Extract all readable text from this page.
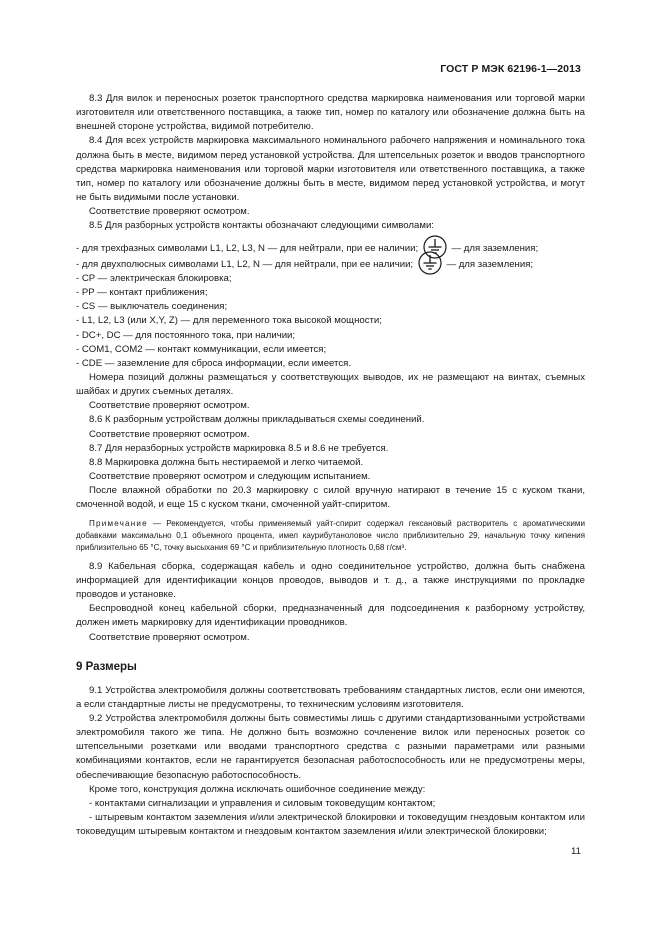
ГОСТ Р МЭК 62196-1—2013

8.3 Для вилок и переносных розеток транспортного средства маркировка наименования или торговой марки изготовителя или ответственного поставщика, а также тип, номер по каталогу или обозначение должна быть на внешней стороне устройства, видимой потребителю.

8.4 Для всех устройств маркировка максимального номинального рабочего напряжения и номинального тока должна быть в месте, видимом перед установкой устройства. Для штепсельных розеток и вводов транспортного средства маркировка наименования или торговой марки изготовителя или ответственного поставщика, а также тип, номер по каталогу или обозначение должны быть в месте, видимом перед установкой устройства, и могут не быть видимыми после установки.

Соответствие проверяют осмотром.

8.5 Для разборных устройств контакты обозначают следующими символами:

- для трехфазных символами L1, L2, L3, N — для нейтрали, при ее наличии;	— для заземления;

- для двухполюсных символами L1, L2, N — для нейтрали, при ее наличии;	— для заземления;

- CP — электрическая блокировка;

- PP — контакт приближения;

- CS — выключатель соединения;

- L1, L2, L3 (или X,Y, Z) — для переменного тока высокой мощности;

- DC+, DC — для постоянного тока, при наличии;

- COM1, COM2 — контакт коммуникации, если имеется;

- CDE — заземление для сброса информации, если имеется.

Номера позиций должны размещаться у соответствующих выводов, их не размещают на винтах, съемных шайбах и других съемных деталях.

Соответствие проверяют осмотром.

8.6 К разборным устройствам должны прикладываться схемы соединений.

Соответствие проверяют осмотром.

8.7 Для неразборных устройств маркировка 8.5 и 8.6 не требуется.

8.8 Маркировка должна быть нестираемой и легко читаемой.

Соответствие проверяют осмотром и следующим испытанием.

После влажной обработки по 20.3 маркировку с силой вручную натирают в течение 15 с куском ткани, смоченной водой, и еще 15 с куском ткани, смоченной уайт-спиритом.

Примечание — Рекомендуется, чтобы применяемый уайт-спирит содержал гексановый растворитель с ароматическими добавками максимально 0,1 объемного процента, имел каурибутаноловое число приблизительно 29, начальную точку кипения приблизительно 65 °С, точку высыхания 69 °С и приблизительную плотность 0,68 г/см³.

8.9 Кабельная сборка, содержащая кабель и одно соединительное устройство, должна быть снабжена информацией для идентификации концов проводов, выводов и т. д., а также инструкциями по прокладке проводов и установке.

Беспроводной конец кабельной сборки, предназначенный для подсоединения к разборному устройству, должен иметь маркировку для идентификации проводников.

Соответствие проверяют осмотром.

9 Размеры

9.1 Устройства электромобиля должны соответствовать требованиям стандартных листов, если они имеются, а если стандартные листы не предусмотрены, то техническим условиям изготовителя.

9.2 Устройства электромобиля должны быть совместимы лишь с другими стандартизованными устройствами электромобиля такого же типа. Не должно быть возможно сочленение вилок или переносных розеток со штепсельными розетками или вводами транспортного средства с разными параметрами или разными комбинациями контактов, если не гарантируется безопасная работоспособность или не предусмотрены меры, обеспечивающие безопасную работоспособность.

Кроме того, конструкция должна исключать ошибочное соединение между:

- контактами сигнализации и управления и силовым токоведущим контактом;

- штыревым контактом заземления и/или электрической блокировки и токоведущим гнездовым контактом или токоведущим штыревым контактом и гнездовым контактом заземления и/или электрической блокировки;

11
